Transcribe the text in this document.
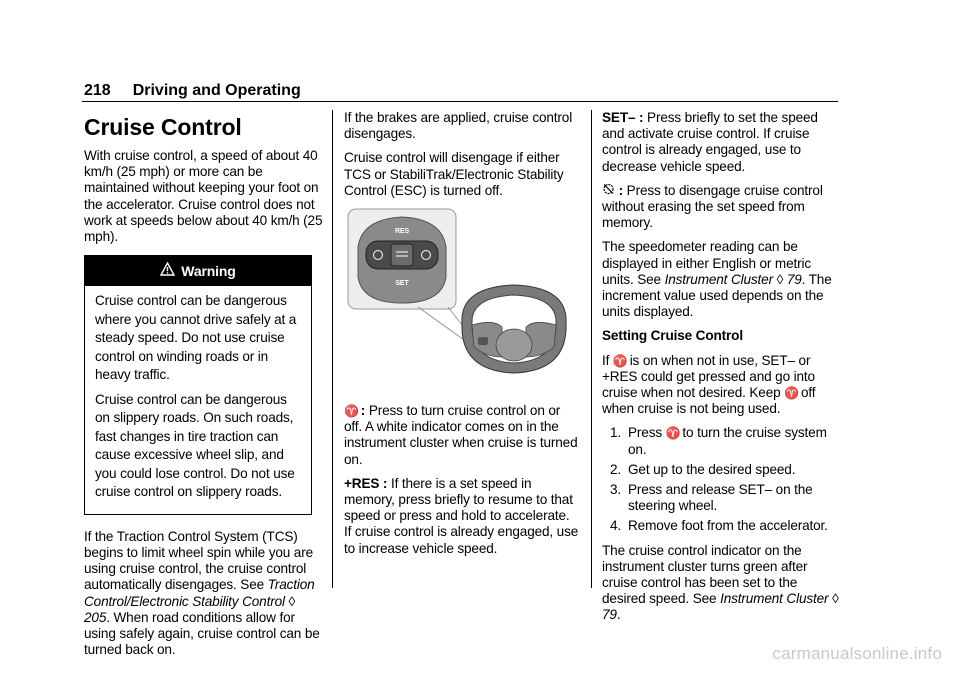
218 Driving and Operating
Cruise Control

With cruise control, a speed of about 40 km/h (25 mph) or more can be maintained without keeping your foot on the accelerator. Cruise control does not work at speeds below about 40 km/h (25 mph).

Warning

Cruise control can be dangerous where you cannot drive safely at a steady speed. Do not use cruise control on winding roads or in heavy traffic.

Cruise control can be dangerous on slippery roads. On such roads, fast changes in tire traction can cause excessive wheel slip, and you could lose control. Do not use cruise control on slippery roads.

If the Traction Control System (TCS) begins to limit wheel spin while you are using cruise control, the cruise control automatically disengages. See Traction Control/Electronic Stability Control ◊ 205. When road conditions allow for using safely again, cruise control can be turned back on.

If the brakes are applied, cruise control disengages.

Cruise control will disengage if either TCS or StabiliTrak/Electronic Stability Control (ESC) is turned off.

RES
SET

♈ : Press to turn cruise control on or off. A white indicator comes on in the instrument cluster when cruise is turned on.

+RES : If there is a set speed in memory, press briefly to resume to that speed or press and hold to accelerate. If cruise control is already engaged, use to increase vehicle speed.

SET– : Press briefly to set the speed and activate cruise control. If cruise control is already engaged, use to decrease vehicle speed.

: Press to disengage cruise control without erasing the set speed from memory.

The speedometer reading can be displayed in either English or metric units. See Instrument Cluster ◊ 79. The increment value used depends on the units displayed.

Setting Cruise Control

If ♈ is on when not in use, SET– or +RES could get pressed and go into cruise when not desired. Keep ♈ off when cruise is not being used.

1. Press ♈ to turn the cruise system on.
2. Get up to the desired speed.
3. Press and release SET– on the steering wheel.
4. Remove foot from the accelerator.

The cruise control indicator on the instrument cluster turns green after cruise control has been set to the desired speed. See Instrument Cluster ◊ 79.

carmanualsonline.info
